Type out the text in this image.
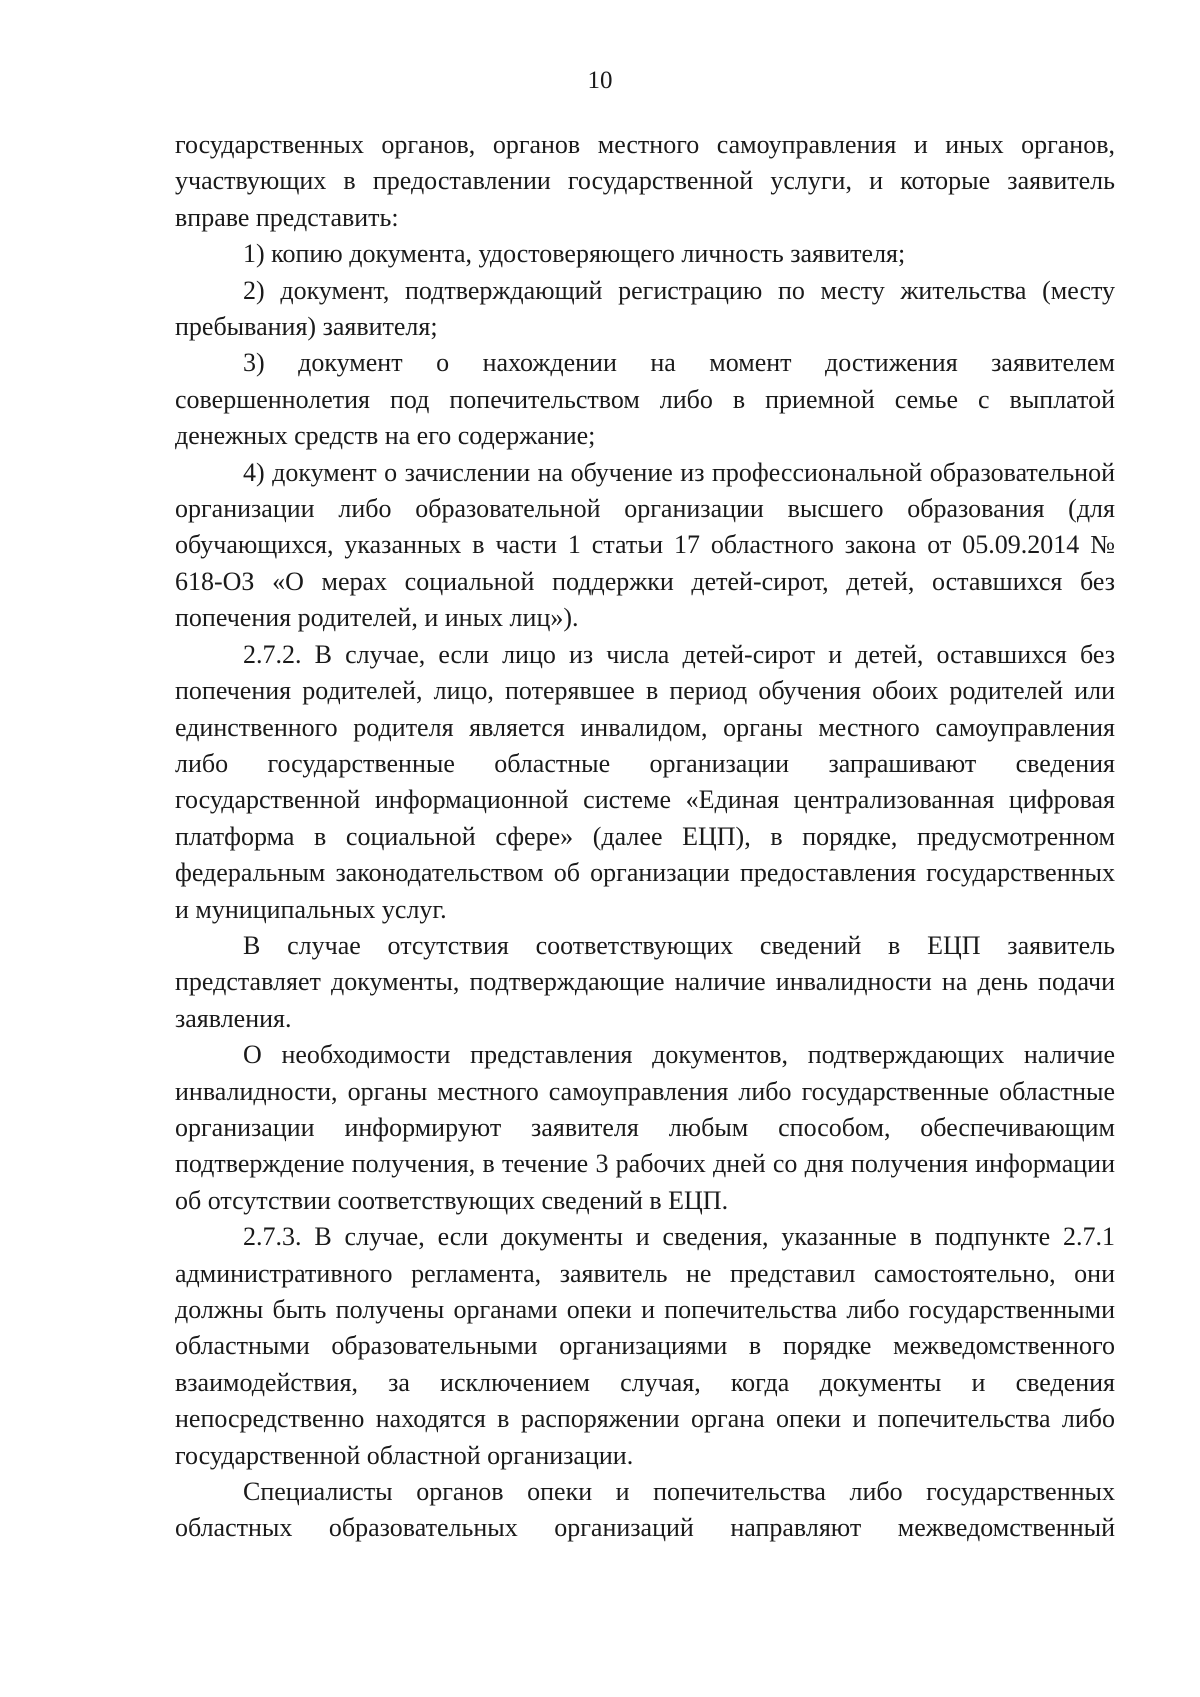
10

государственных органов, органов местного самоуправления и иных органов, участвующих в предоставлении государственной услуги, и которые заявитель вправе представить:

1) копию документа, удостоверяющего личность заявителя;

2) документ, подтверждающий регистрацию по месту жительства (месту пребывания) заявителя;

3) документ о нахождении на момент достижения заявителем совершеннолетия под попечительством либо в приемной семье с выплатой денежных средств на его содержание;

4) документ о зачислении на обучение из профессиональной образовательной организации либо образовательной организации высшего образования (для обучающихся, указанных в части 1 статьи 17 областного закона от 05.09.2014 № 618-ОЗ «О мерах социальной поддержки детей-сирот, детей, оставшихся без попечения родителей, и иных лиц»).

2.7.2. В случае, если лицо из числа детей-сирот и детей, оставшихся без попечения родителей, лицо, потерявшее в период обучения обоих родителей или единственного родителя является инвалидом, органы местного самоуправления либо государственные областные организации запрашивают сведения государственной информационной системе «Единая централизованная цифровая платформа в социальной сфере» (далее ЕЦП), в порядке, предусмотренном федеральным законодательством об организации предоставления государственных и муниципальных услуг.

В случае отсутствия соответствующих сведений в ЕЦП заявитель представляет документы, подтверждающие наличие инвалидности на день подачи заявления.

О необходимости представления документов, подтверждающих наличие инвалидности, органы местного самоуправления либо государственные областные организации информируют заявителя любым способом, обеспечивающим подтверждение получения, в течение 3 рабочих дней со дня получения информации об отсутствии соответствующих сведений в ЕЦП.

2.7.3. В случае, если документы и сведения, указанные в подпункте 2.7.1 административного регламента, заявитель не представил самостоятельно, они должны быть получены органами опеки и попечительства либо государственными областными образовательными организациями в порядке межведомственного взаимодействия, за исключением случая, когда документы и сведения непосредственно находятся в распоряжении органа опеки и попечительства либо государственной областной организации.

Специалисты органов опеки и попечительства либо государственных областных образовательных организаций направляют межведомственный
